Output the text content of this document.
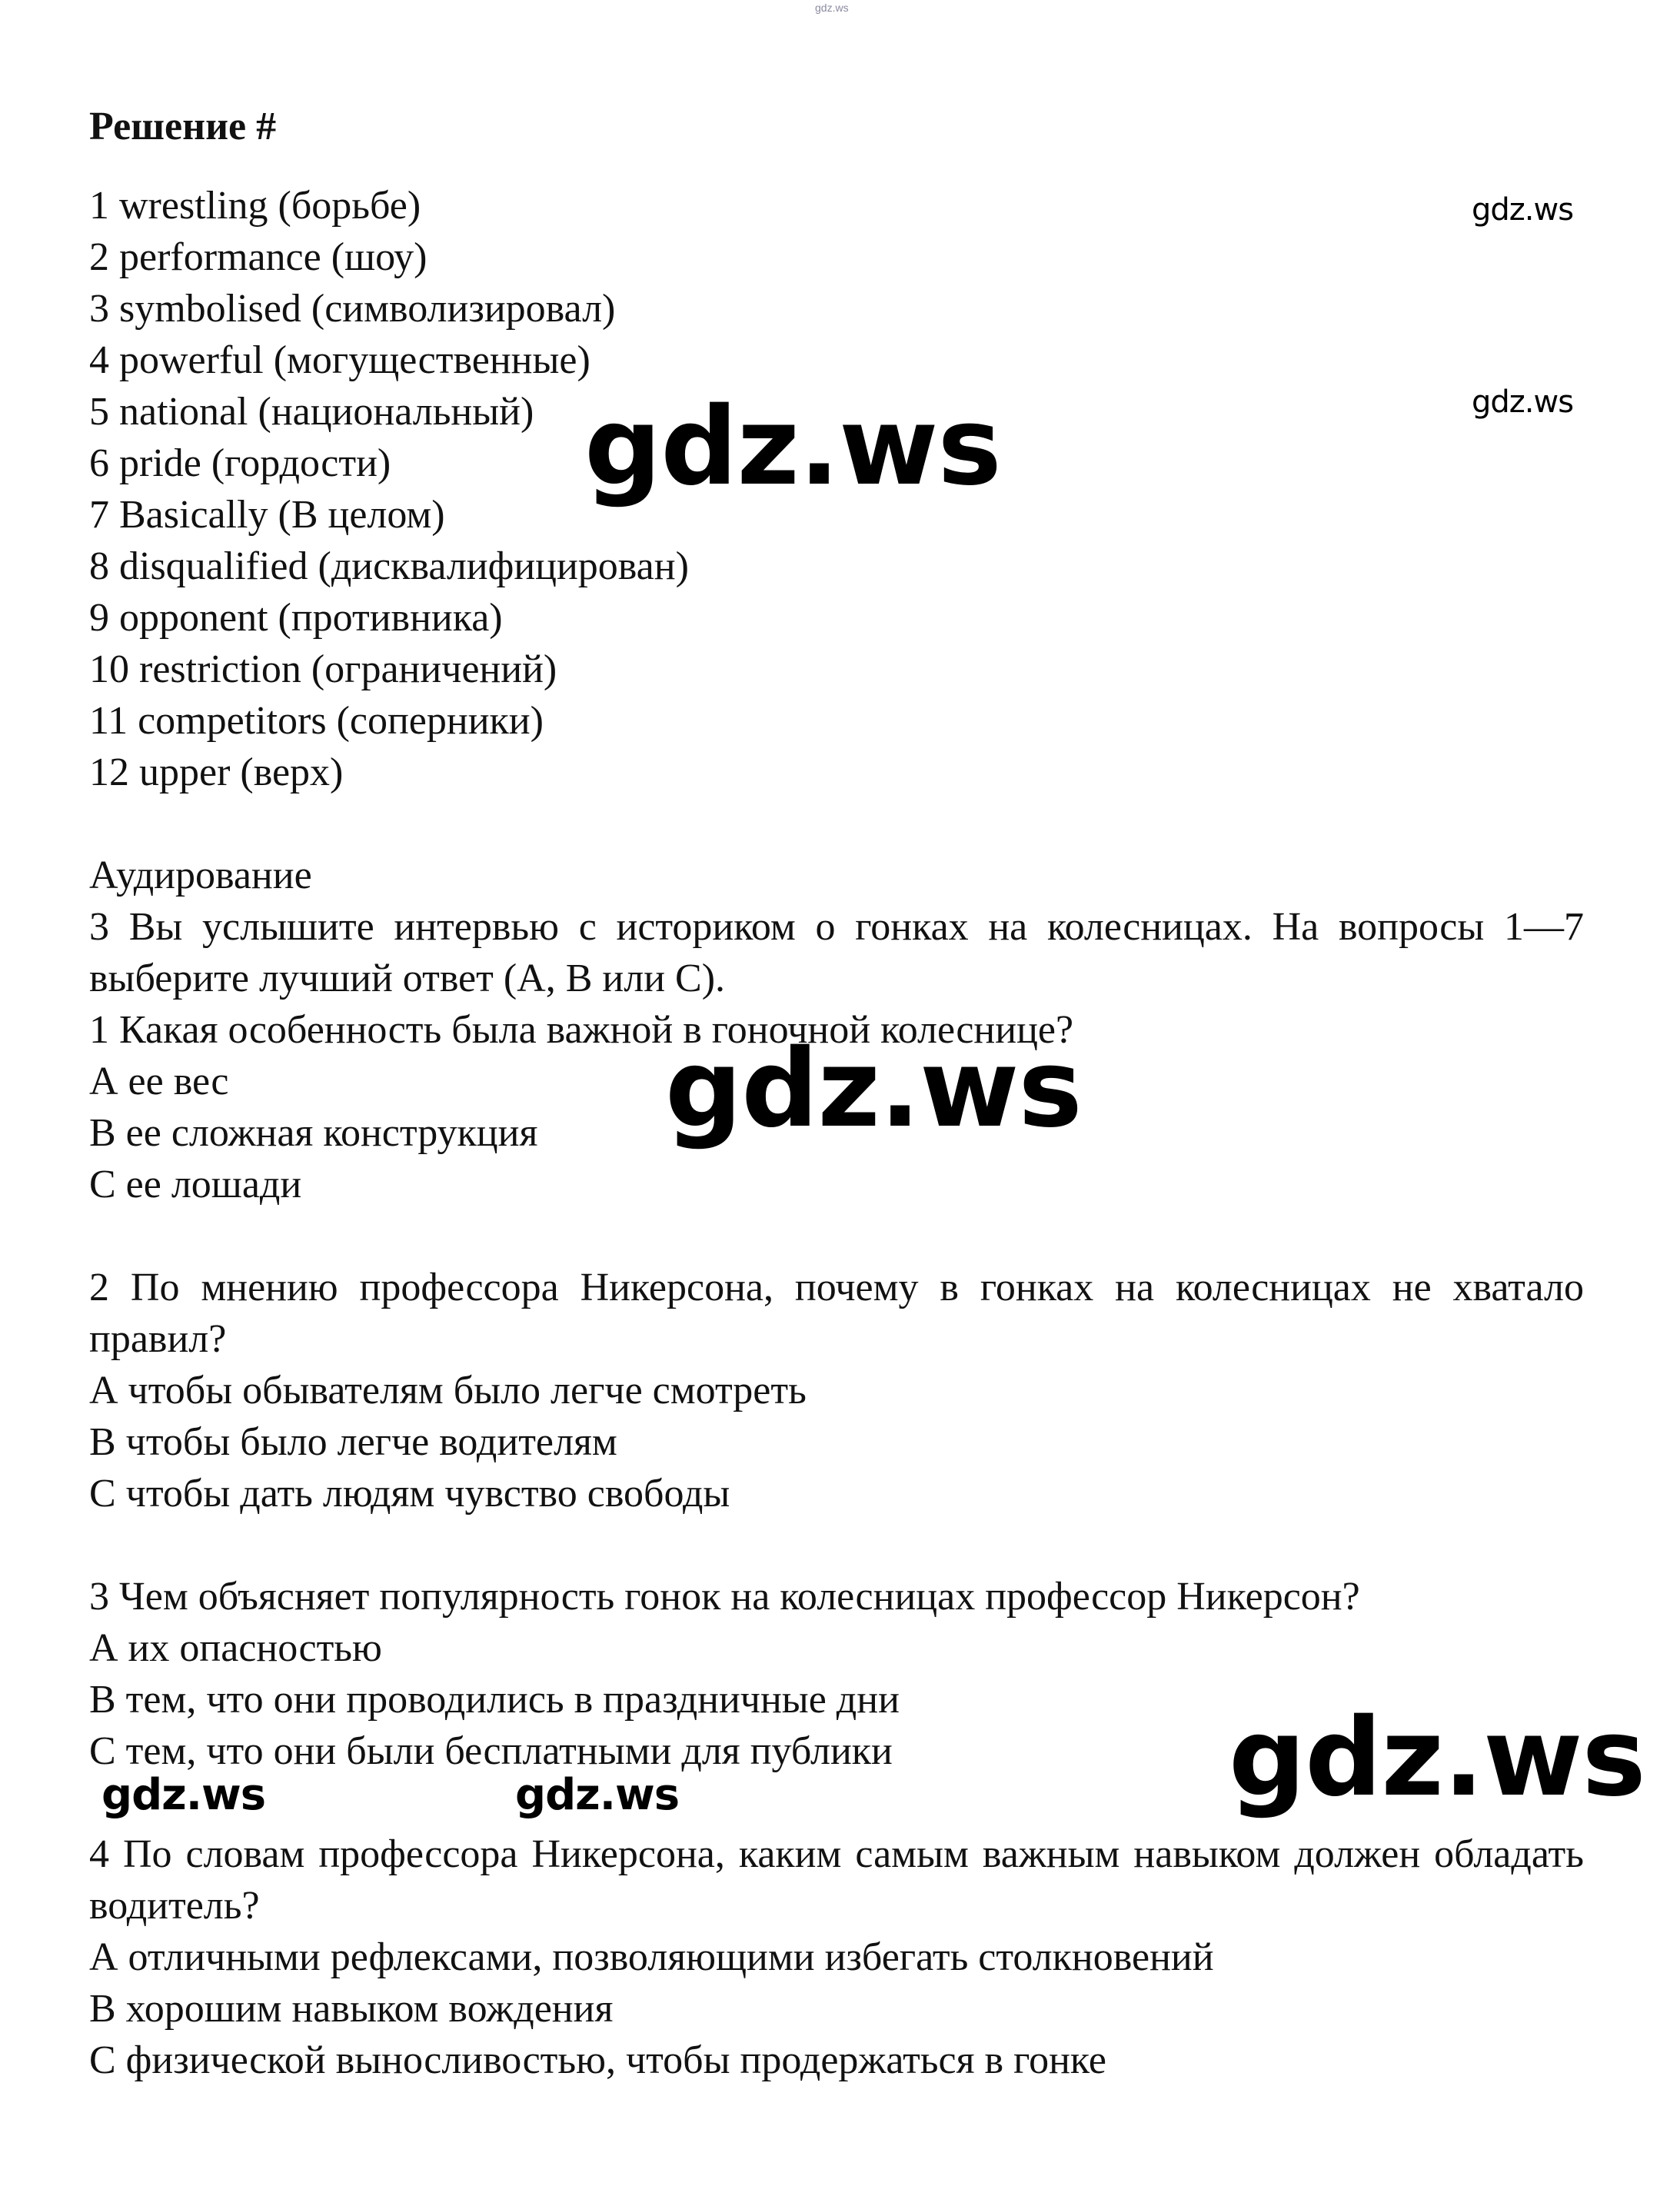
gdz.ws
Решение #
1 wrestling (борьбе)
2 performance (шоу)
3 symbolised (символизировал)
4 powerful (могущественные)
5 national (национальный)
6 pride (гордости)
7 Basically (В целом)
8 disqualified (дисквалифицирован)
9 opponent (противника)
10 restriction (ограничений)
11 competitors (соперники)
12 upper (верх)
Аудирование
3 Вы услышите интервью с историком о гонках на колесницах. На вопросы 1—7 выберите лучший ответ (А, В или С).
1 Какая особенность была важной в гоночной колеснице?
А ее вес
В ее сложная конструкция
С ее лошади
2 По мнению профессора Никерсона, почему в гонках на колесницах не хватало правил?
А чтобы обывателям было легче смотреть
В чтобы было легче водителям
С чтобы дать людям чувство свободы
3 Чем объясняет популярность гонок на колесницах профессор Никерсон?
А их опасностью
В тем, что они проводились в праздничные дни
С тем, что они были бесплатными для публики
4 По словам профессора Никерсона, каким самым важным навыком должен обладать водитель?
А отличными рефлексами, позволяющими избегать столкновений
В хорошим навыком вождения
С физической выносливостью, чтобы продержаться в гонке
gdz.ws
gdz.ws
gdz.ws
gdz.ws
gdz.ws
gdz.ws	gdz.ws
